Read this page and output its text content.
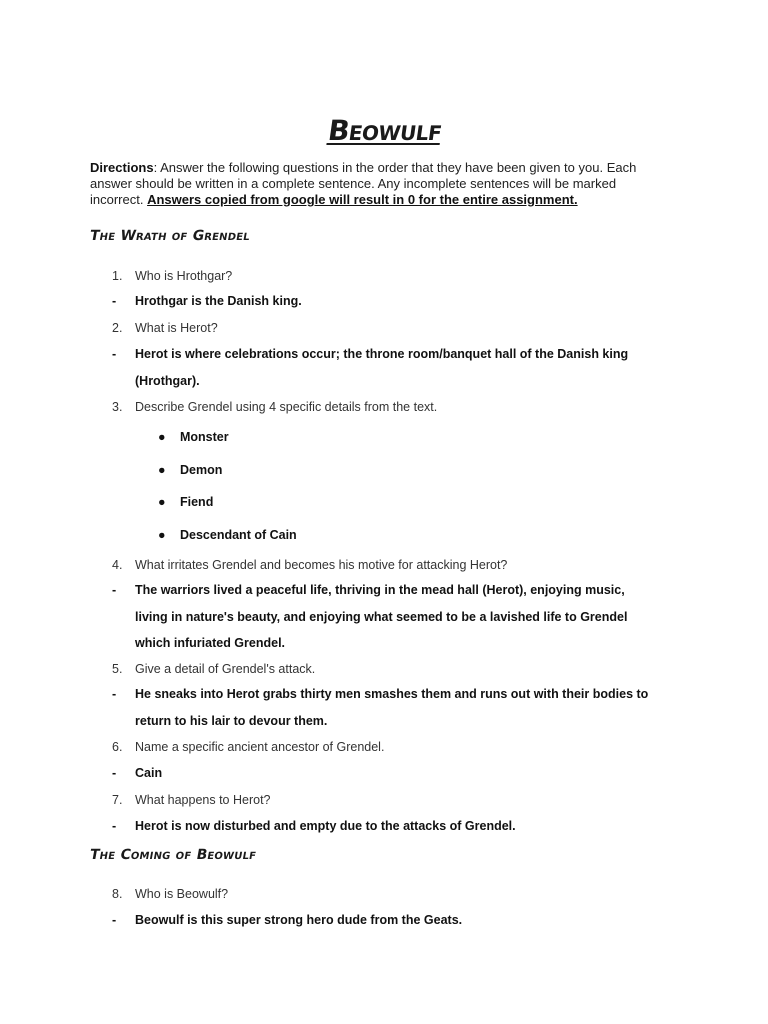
Beowulf
Directions: Answer the following questions in the order that they have been given to you. Each answer should be written in a complete sentence. Any incomplete sentences will be marked incorrect. Answers copied from google will result in 0 for the entire assignment.
The Wrath of Grendel
1. Who is Hrothgar?
- Hrothgar is the Danish king.
2. What is Herot?
- Herot is where celebrations occur; the throne room/banquet hall of the Danish king (Hrothgar).
3. Describe Grendel using 4 specific details from the text.
● Monster
● Demon
● Fiend
● Descendant of Cain
4. What irritates Grendel and becomes his motive for attacking Herot?
- The warriors lived a peaceful life, thriving in the mead hall (Herot), enjoying music, living in nature's beauty, and enjoying what seemed to be a lavished life to Grendel which infuriated Grendel.
5. Give a detail of Grendel's attack.
- He sneaks into Herot grabs thirty men smashes them and runs out with their bodies to return to his lair to devour them.
6. Name a specific ancient ancestor of Grendel.
- Cain
7. What happens to Herot?
- Herot is now disturbed and empty due to the attacks of Grendel.
The Coming of Beowulf
8. Who is Beowulf?
- Beowulf is this super strong hero dude from the Geats.
